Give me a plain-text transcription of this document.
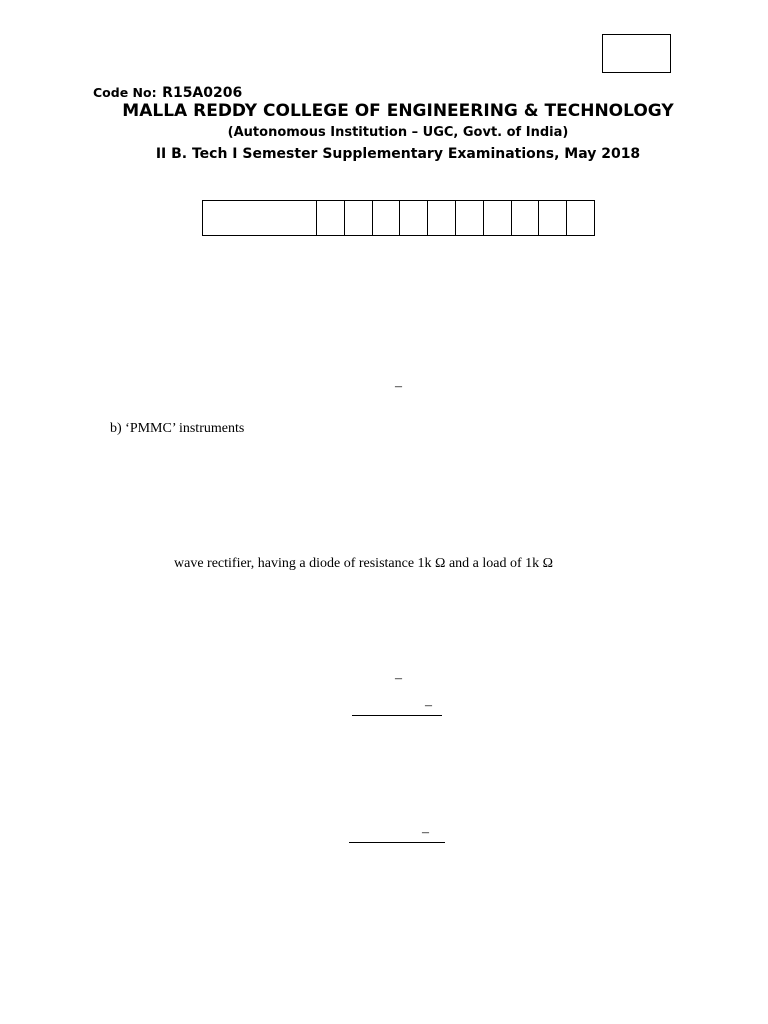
Code No: R15A0206
MALLA REDDY COLLEGE OF ENGINEERING & TECHNOLOGY
(Autonomous Institution – UGC, Govt. of India)
II B. Tech I Semester Supplementary Examinations, May 2018
–
b) ‘PMMC’ instruments
wave rectifier, having a diode of resistance 1k Ω and a load of 1k Ω
–
–
–
